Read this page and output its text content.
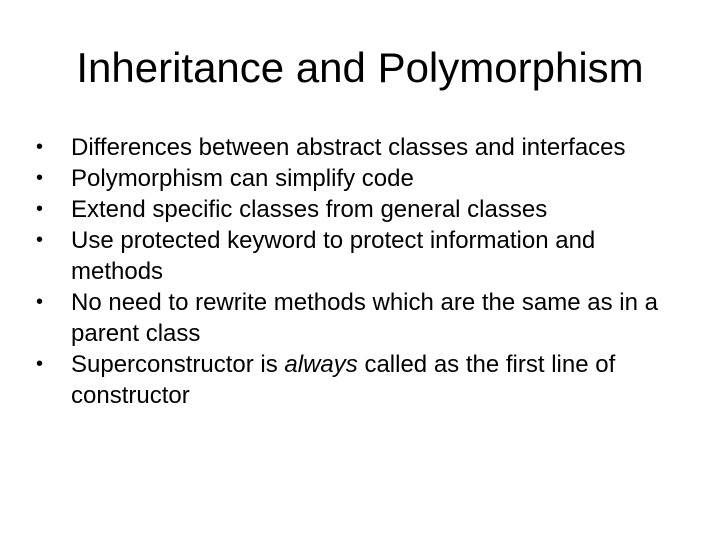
Inheritance and Polymorphism
•	Differences between abstract classes and interfaces
•	Polymorphism can simplify code
•	Extend specific classes from general classes
•	Use protected keyword to protect information and methods
•	No need to rewrite methods which are the same as in a parent class
•	Superconstructor is always called as the first line of constructor
